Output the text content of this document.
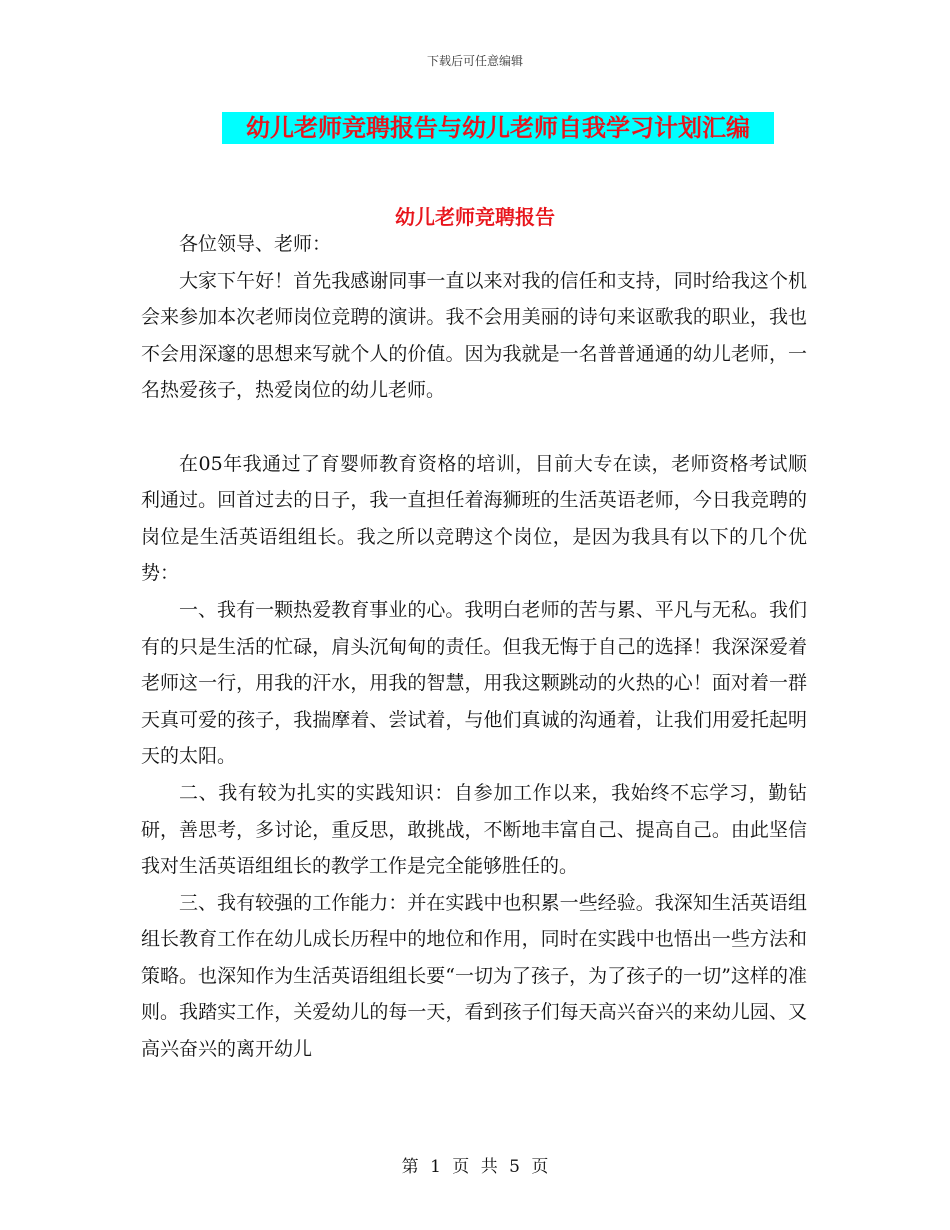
下载后可任意编辑
幼儿老师竞聘报告与幼儿老师自我学习计划汇编
幼儿老师竞聘报告

各位领导、老师：

大家下午好！首先我感谢同事一直以来对我的信任和支持，同时给我这个机会来参加本次老师岗位竞聘的演讲。我不会用美丽的诗句来讴歌我的职业，我也不会用深邃的思想来写就个人的价值。因为我就是一名普普通通的幼儿老师，一名热爱孩子，热爱岗位的幼儿老师。

在05年我通过了育婴师教育资格的培训，目前大专在读，老师资格考试顺利通过。回首过去的日子，我一直担任着海狮班的生活英语老师，今日我竞聘的岗位是生活英语组组长。我之所以竞聘这个岗位，是因为我具有以下的几个优势：

一、我有一颗热爱教育事业的心。我明白老师的苦与累、平凡与无私。我们有的只是生活的忙碌，肩头沉甸甸的责任。但我无悔于自己的选择！我深深爱着老师这一行，用我的汗水，用我的智慧，用我这颗跳动的火热的心！面对着一群天真可爱的孩子，我揣摩着、尝试着，与他们真诚的沟通着，让我们用爱托起明天的太阳。

二、我有较为扎实的实践知识：自参加工作以来，我始终不忘学习，勤钻研，善思考，多讨论，重反思，敢挑战，不断地丰富自己、提高自己。由此坚信我对生活英语组组长的教学工作是完全能够胜任的。

三、我有较强的工作能力：并在实践中也积累一些经验。我深知生活英语组组长教育工作在幼儿成长历程中的地位和作用，同时在实践中也悟出一些方法和策略。也深知作为生活英语组组长要“一切为了孩子，为了孩子的一切”这样的准则。我踏实工作，关爱幼儿的每一天，看到孩子们每天高兴奋兴的来幼儿园、又高兴奋兴的离开幼儿

第 1 页 共 5 页
